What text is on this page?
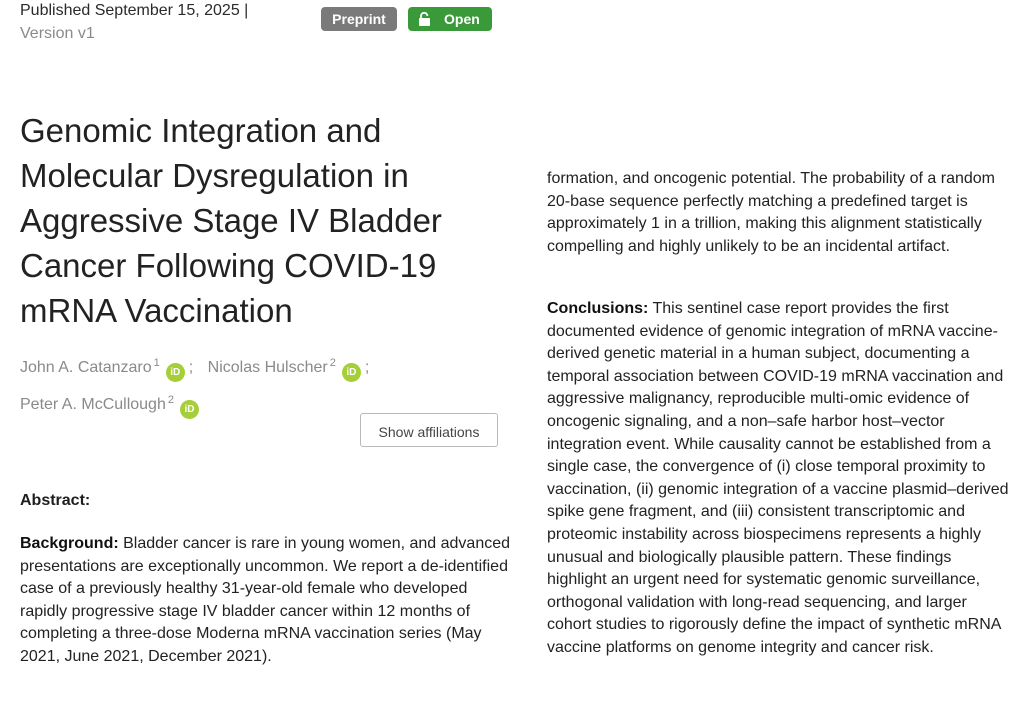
Published September 15, 2025 | Version v1
Preprint	Open
Genomic Integration and Molecular Dysregulation in Aggressive Stage IV Bladder Cancer Following COVID-19 mRNA Vaccination
John A. Catanzaro $^1$iD ; Nicolas Hulscher $^2$iD ;
Peter A. McCullough $^2$iD
Show affiliations
Abstract:

Background: Bladder cancer is rare in young women, and advanced presentations are exceptionally uncommon. We report a de-identified case of a previously healthy 31-year-old female who developed rapidly progressive stage IV bladder cancer within 12 months of completing a three-dose Moderna mRNA vaccination series (May 2021, June 2021, December 2021).

formation, and oncogenic potential. The probability of a random 20-base sequence perfectly matching a predefined target is approximately 1 in a trillion, making this alignment statistically compelling and highly unlikely to be an incidental artifact.

Conclusions: This sentinel case report provides the first documented evidence of genomic integration of mRNA vaccine-derived genetic material in a human subject, documenting a temporal association between COVID-19 mRNA vaccination and aggressive malignancy, reproducible multi-omic evidence of oncogenic signaling, and a non–safe harbor host–vector integration event. While causality cannot be established from a single case, the convergence of (i) close temporal proximity to vaccination, (ii) genomic integration of a vaccine plasmid–derived spike gene fragment, and (iii) consistent transcriptomic and proteomic instability across biospecimens represents a highly unusual and biologically plausible pattern. These findings highlight an urgent need for systematic genomic surveillance, orthogonal validation with long-read sequencing, and larger cohort studies to rigorously define the impact of synthetic mRNA vaccine platforms on genome integrity and cancer risk.
